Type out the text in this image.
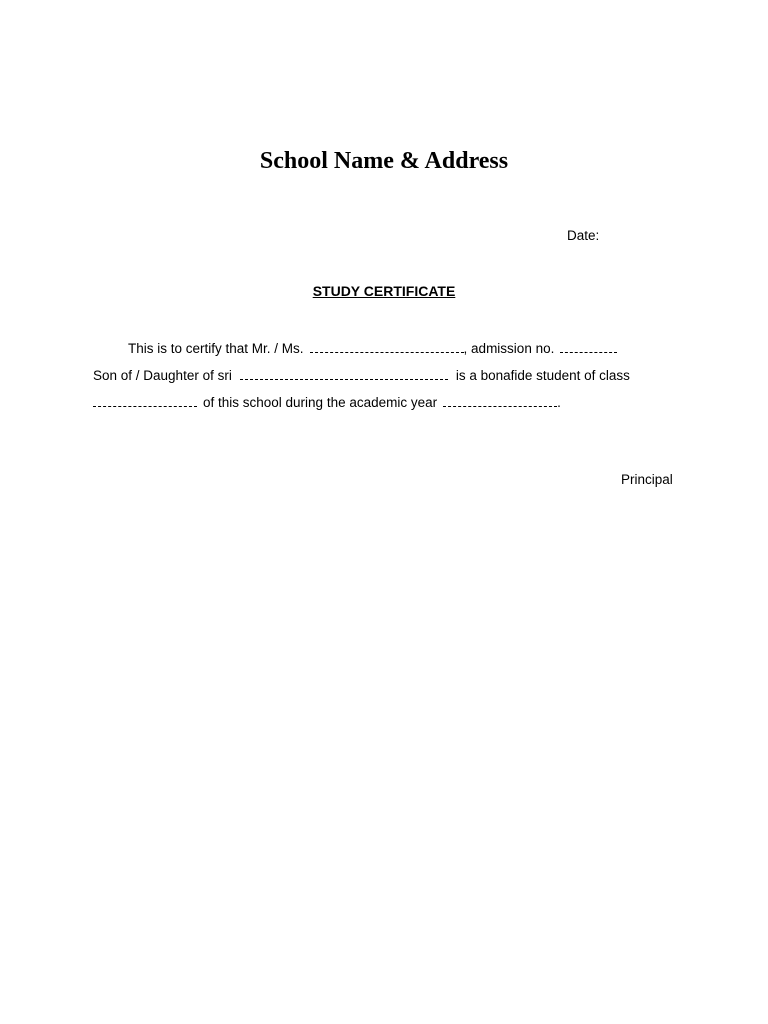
School Name & Address
Date:
STUDY CERTIFICATE
This is to certify that Mr. / Ms.	, admission no.
Son of / Daughter of sri	is a bonafide student of class
of this school during the academic year	.
Principal
